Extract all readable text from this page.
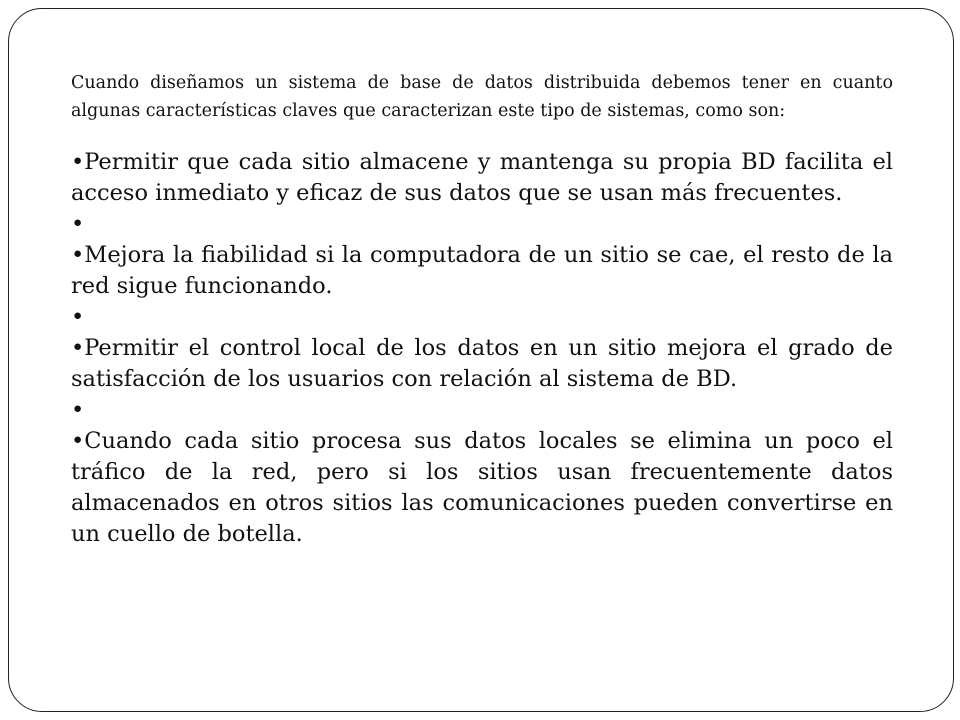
Cuando diseñamos un sistema de base de datos distribuida debemos tener en cuanto algunas características claves que caracterizan este tipo de sistemas, como son:

•Permitir que cada sitio almacene y mantenga su propia BD facilita el acceso inmediato y eficaz de sus datos que se usan más frecuentes.
•
•Mejora la fiabilidad si la computadora de un sitio se cae, el resto de la red sigue funcionando.
•
•Permitir el control local de los datos en un sitio mejora el grado de satisfacción de los usuarios con relación al sistema de BD.
•
•Cuando cada sitio procesa sus datos locales se elimina un poco el tráfico de la red, pero si los sitios usan frecuentemente datos almacenados en otros sitios las comunicaciones pueden convertirse en un cuello de botella.
